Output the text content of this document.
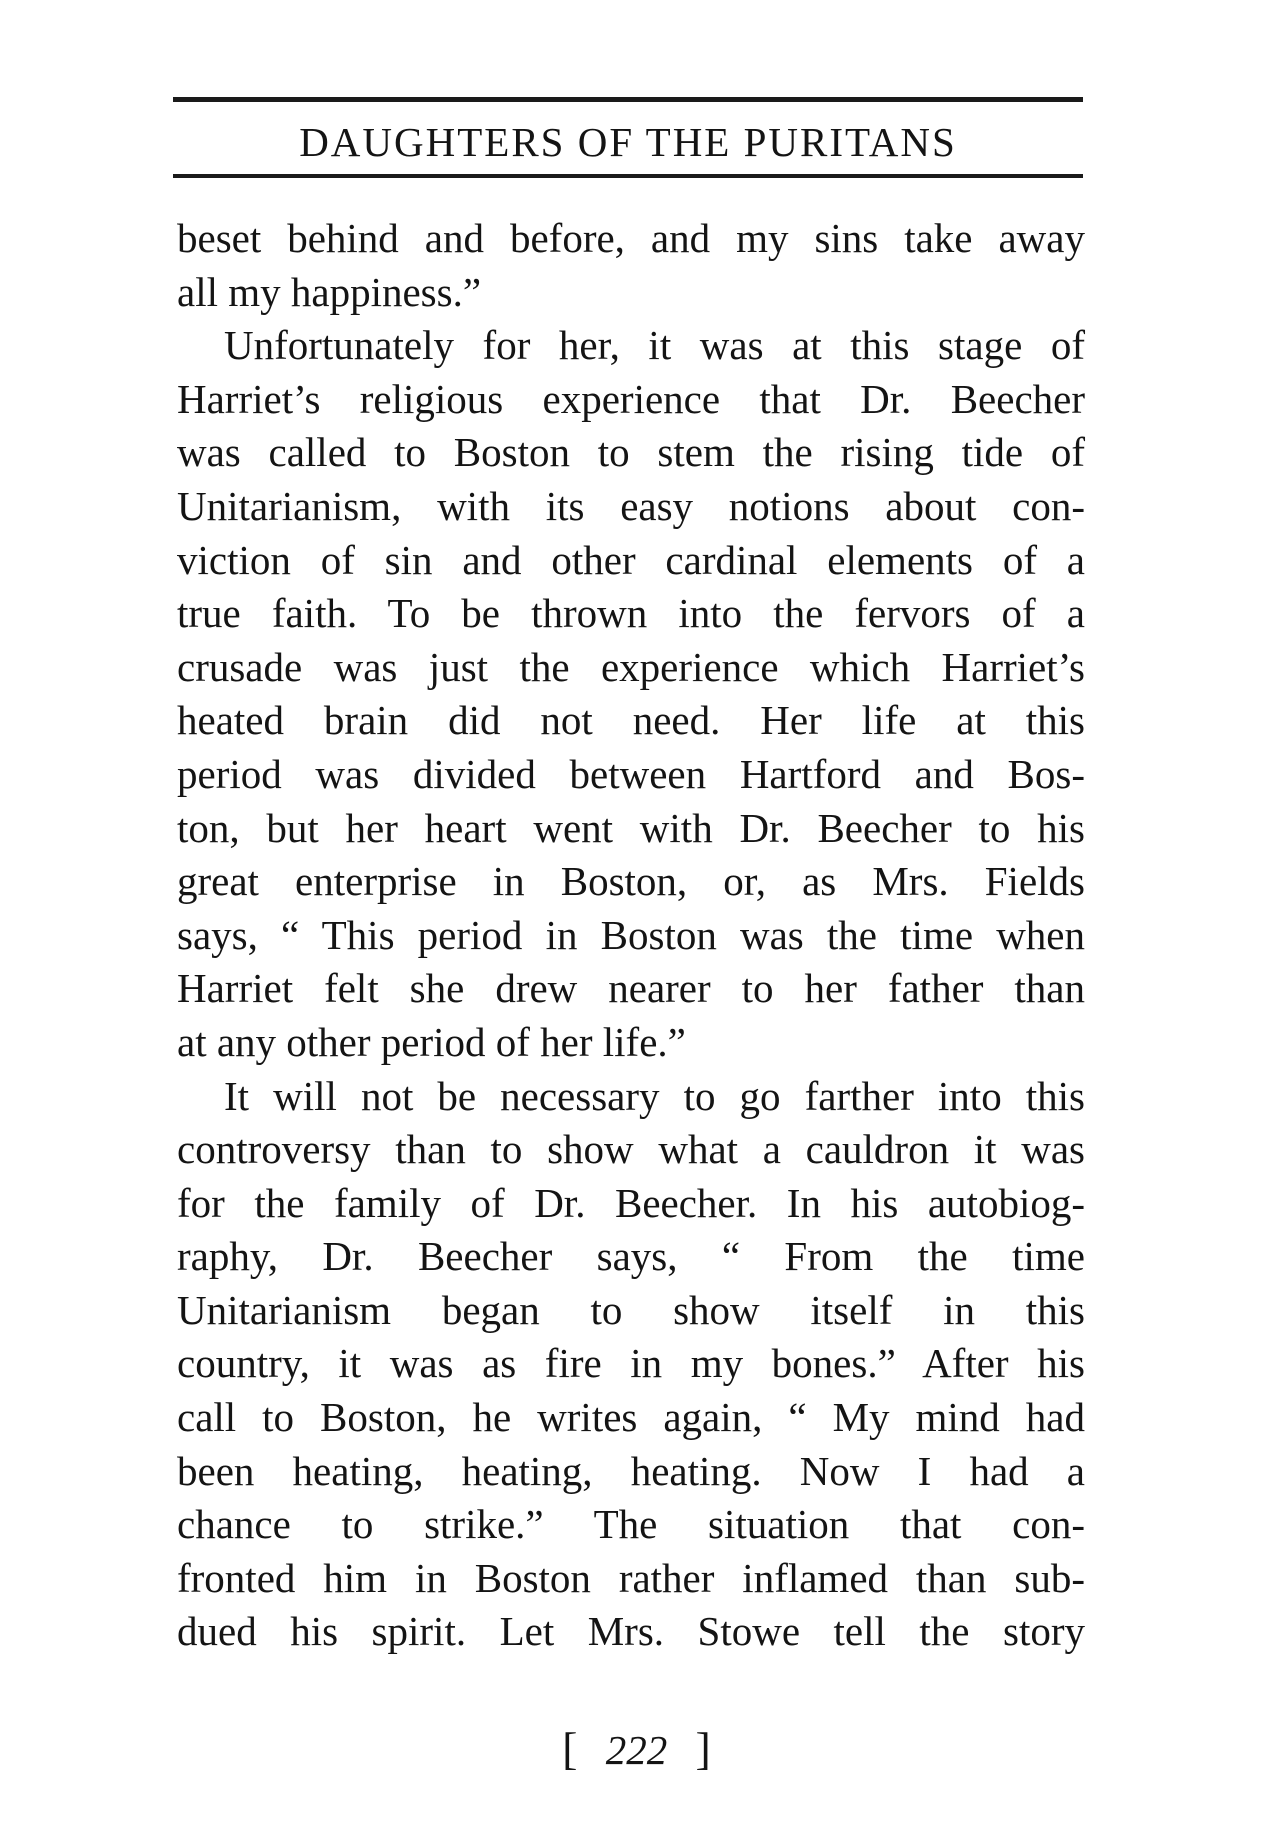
DAUGHTERS OF THE PURITANS
beset behind and before, and my sins take away
all my happiness.”
Unfortunately for her, it was at this stage of
Harriet’s religious experience that Dr. Beecher
was called to Boston to stem the rising tide of
Unitarianism, with its easy notions about con-
viction of sin and other cardinal elements of a
true faith. To be thrown into the fervors of a
crusade was just the experience which Harriet’s
heated brain did not need. Her life at this
period was divided between Hartford and Bos-
ton, but her heart went with Dr. Beecher to his
great enterprise in Boston, or, as Mrs. Fields
says, “ This period in Boston was the time when
Harriet felt she drew nearer to her father than
at any other period of her life.”
It will not be necessary to go farther into this
controversy than to show what a cauldron it was
for the family of Dr. Beecher. In his autobiog-
raphy, Dr. Beecher says, “ From the time
Unitarianism began to show itself in this
country, it was as fire in my bones.” After his
call to Boston, he writes again, “ My mind had
been heating, heating, heating. Now I had a
chance to strike.” The situation that con-
fronted him in Boston rather inflamed than sub-
dued his spirit. Let Mrs. Stowe tell the story
[ 222 ]
